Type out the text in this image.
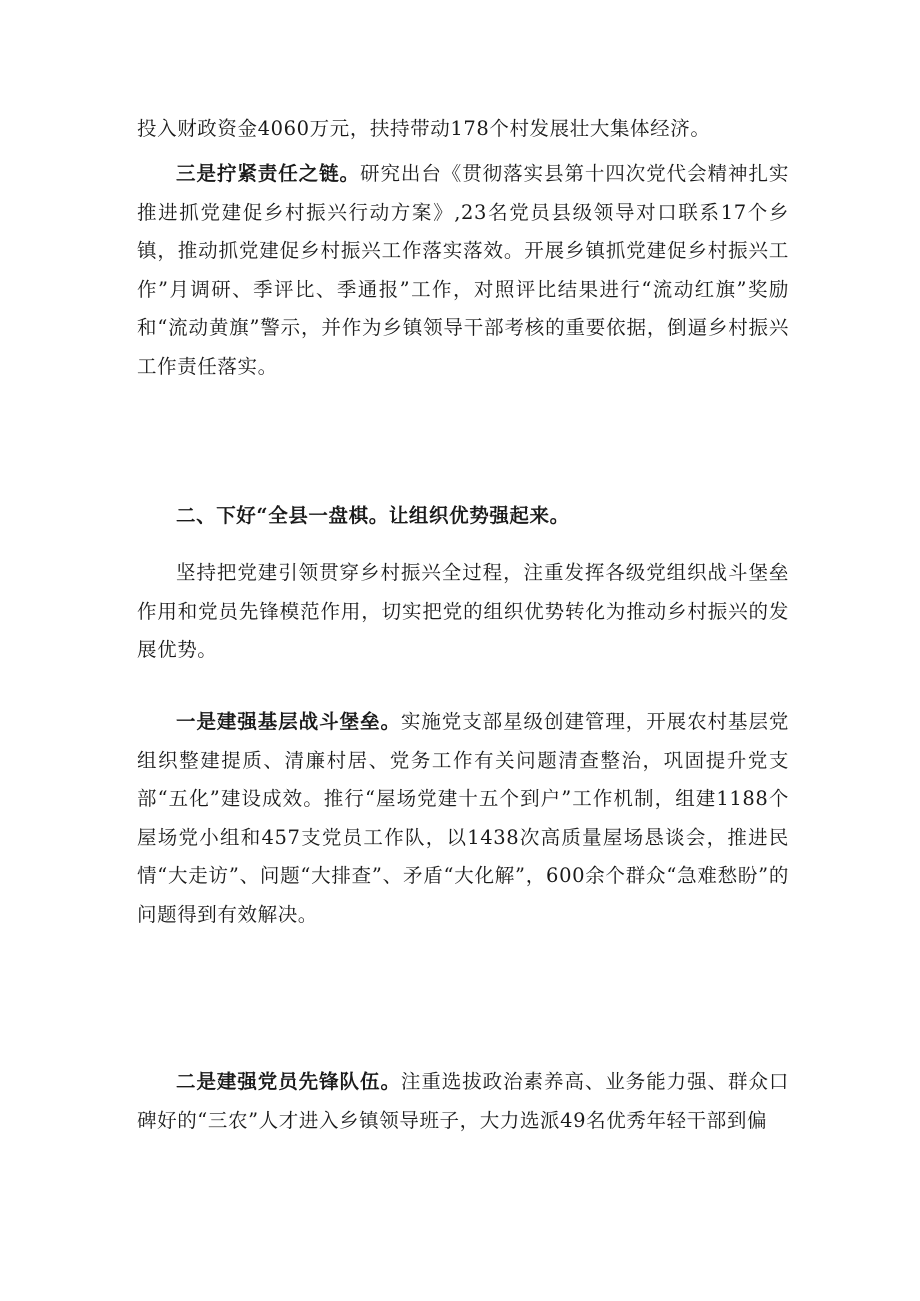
投入财政资金4060万元，扶持带动178个村发展壮大集体经济。

三是拧紧责任之链。研究出台《贯彻落实县第十四次党代会精神扎实推进抓党建促乡村振兴行动方案》,23名党员县级领导对口联系17个乡镇，推动抓党建促乡村振兴工作落实落效。开展乡镇抓党建促乡村振兴工作”月调研、季评比、季通报”工作，对照评比结果进行“流动红旗”奖励和“流动黄旗”警示，并作为乡镇领导干部考核的重要依据，倒逼乡村振兴工作责任落实。

二、下好“全县一盘棋。让组织优势强起来。

坚持把党建引领贯穿乡村振兴全过程，注重发挥各级党组织战斗堡垒作用和党员先锋模范作用，切实把党的组织优势转化为推动乡村振兴的发展优势。

一是建强基层战斗堡垒。实施党支部星级创建管理，开展农村基层党组织整建提质、清廉村居、党务工作有关问题清查整治，巩固提升党支部“五化”建设成效。推行“屋场党建十五个到户”工作机制，组建1188个屋场党小组和457支党员工作队，以1438次高质量屋场恳谈会，推进民情“大走访”、问题“大排查”、矛盾“大化解”，600余个群众“急难愁盼”的问题得到有效解决。

二是建强党员先锋队伍。注重选拔政治素养高、业务能力强、群众口碑好的“三农”人才进入乡镇领导班子，大力选派49名优秀年轻干部到偏
